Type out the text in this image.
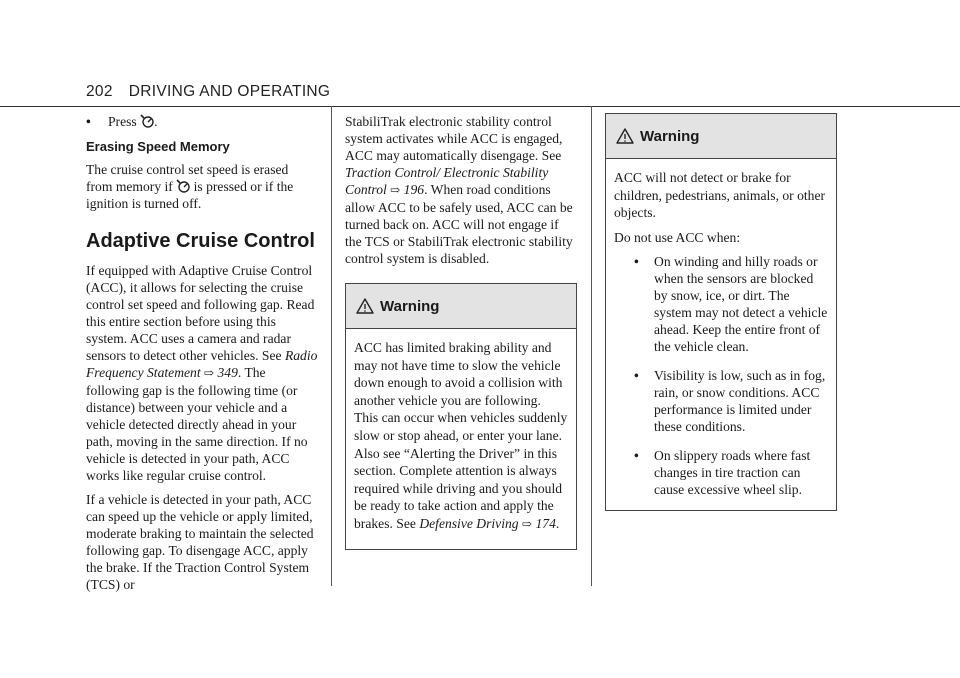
202 DRIVING AND OPERATING
• Press .
Erasing Speed Memory

The cruise control set speed is erased from memory if is pressed or if the ignition is turned off.

Adaptive Cruise Control

If equipped with Adaptive Cruise Control (ACC), it allows for selecting the cruise control set speed and following gap. Read this entire section before using this system. ACC uses a camera and radar sensors to detect other vehicles. See Radio Frequency Statement ⇨ 349. The following gap is the following time (or distance) between your vehicle and a vehicle detected directly ahead in your path, moving in the same direction. If no vehicle is detected in your path, ACC works like regular cruise control.

If a vehicle is detected in your path, ACC can speed up the vehicle or apply limited, moderate braking to maintain the selected following gap. To disengage ACC, apply the brake. If the Traction Control System (TCS) or

StabiliTrak electronic stability control system activates while ACC is engaged, ACC may automatically disengage. See Traction Control/ Electronic Stability Control ⇨ 196. When road conditions allow ACC to be safely used, ACC can be turned back on. ACC will not engage if the TCS or StabiliTrak electronic stability control system is disabled.

Warning

ACC has limited braking ability and may not have time to slow the vehicle down enough to avoid a collision with another vehicle you are following. This can occur when vehicles suddenly slow or stop ahead, or enter your lane. Also see “Alerting the Driver” in this section. Complete attention is always required while driving and you should be ready to take action and apply the brakes. See Defensive Driving ⇨ 174.

Warning

ACC will not detect or brake for children, pedestrians, animals, or other objects.

Do not use ACC when:

• On winding and hilly roads or when the sensors are blocked by snow, ice, or dirt. The system may not detect a vehicle ahead. Keep the entire front of the vehicle clean.
• Visibility is low, such as in fog, rain, or snow conditions. ACC performance is limited under these conditions.
• On slippery roads where fast changes in tire traction can cause excessive wheel slip.
